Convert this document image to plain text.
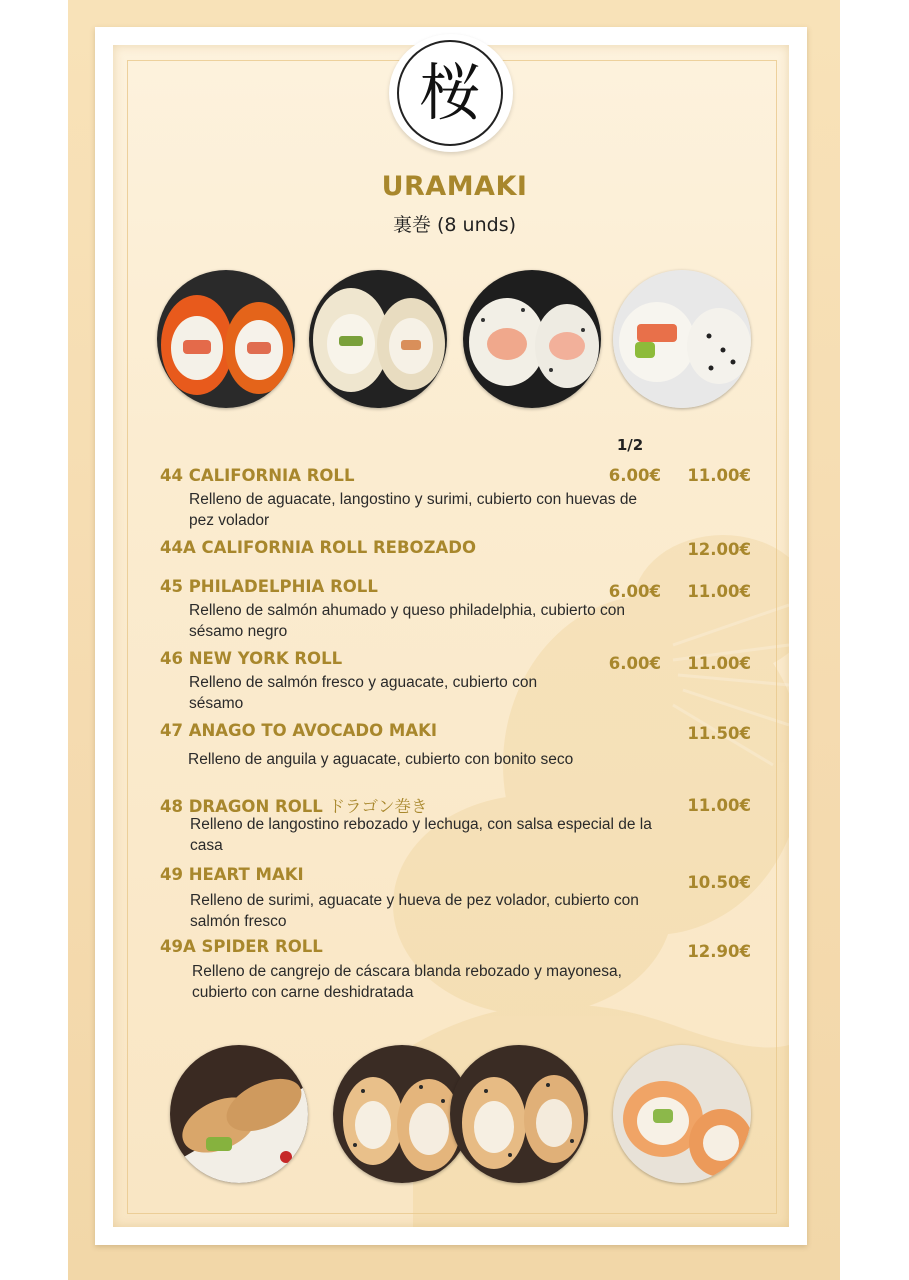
桜
URAMAKI
裏巻 (8 unds)
1/2
44 CALIFORNIA ROLL
Relleno de aguacate, langostino y surimi, cubierto con huevas de pez volador
6.00€	11.00€
44A CALIFORNIA ROLL REBOZADO	12.00€
45 PHILADELPHIA ROLL
Relleno de salmón ahumado y queso philadelphia, cubierto con sésamo negro
6.00€	11.00€
46 NEW YORK ROLL
Relleno de salmón fresco y aguacate, cubierto con sésamo
6.00€	11.00€
47 ANAGO TO AVOCADO MAKI
Relleno de anguila y aguacate, cubierto con bonito seco
11.50€
48 DRAGON ROLL ドラゴン巻き
Relleno de langostino rebozado y lechuga, con salsa especial de la casa
11.00€
49 HEART MAKI
Relleno de surimi, aguacate y hueva de pez volador, cubierto con salmón fresco
10.50€
49A SPIDER ROLL
Relleno de cangrejo de cáscara blanda rebozado y mayonesa, cubierto con carne deshidratada
12.90€
